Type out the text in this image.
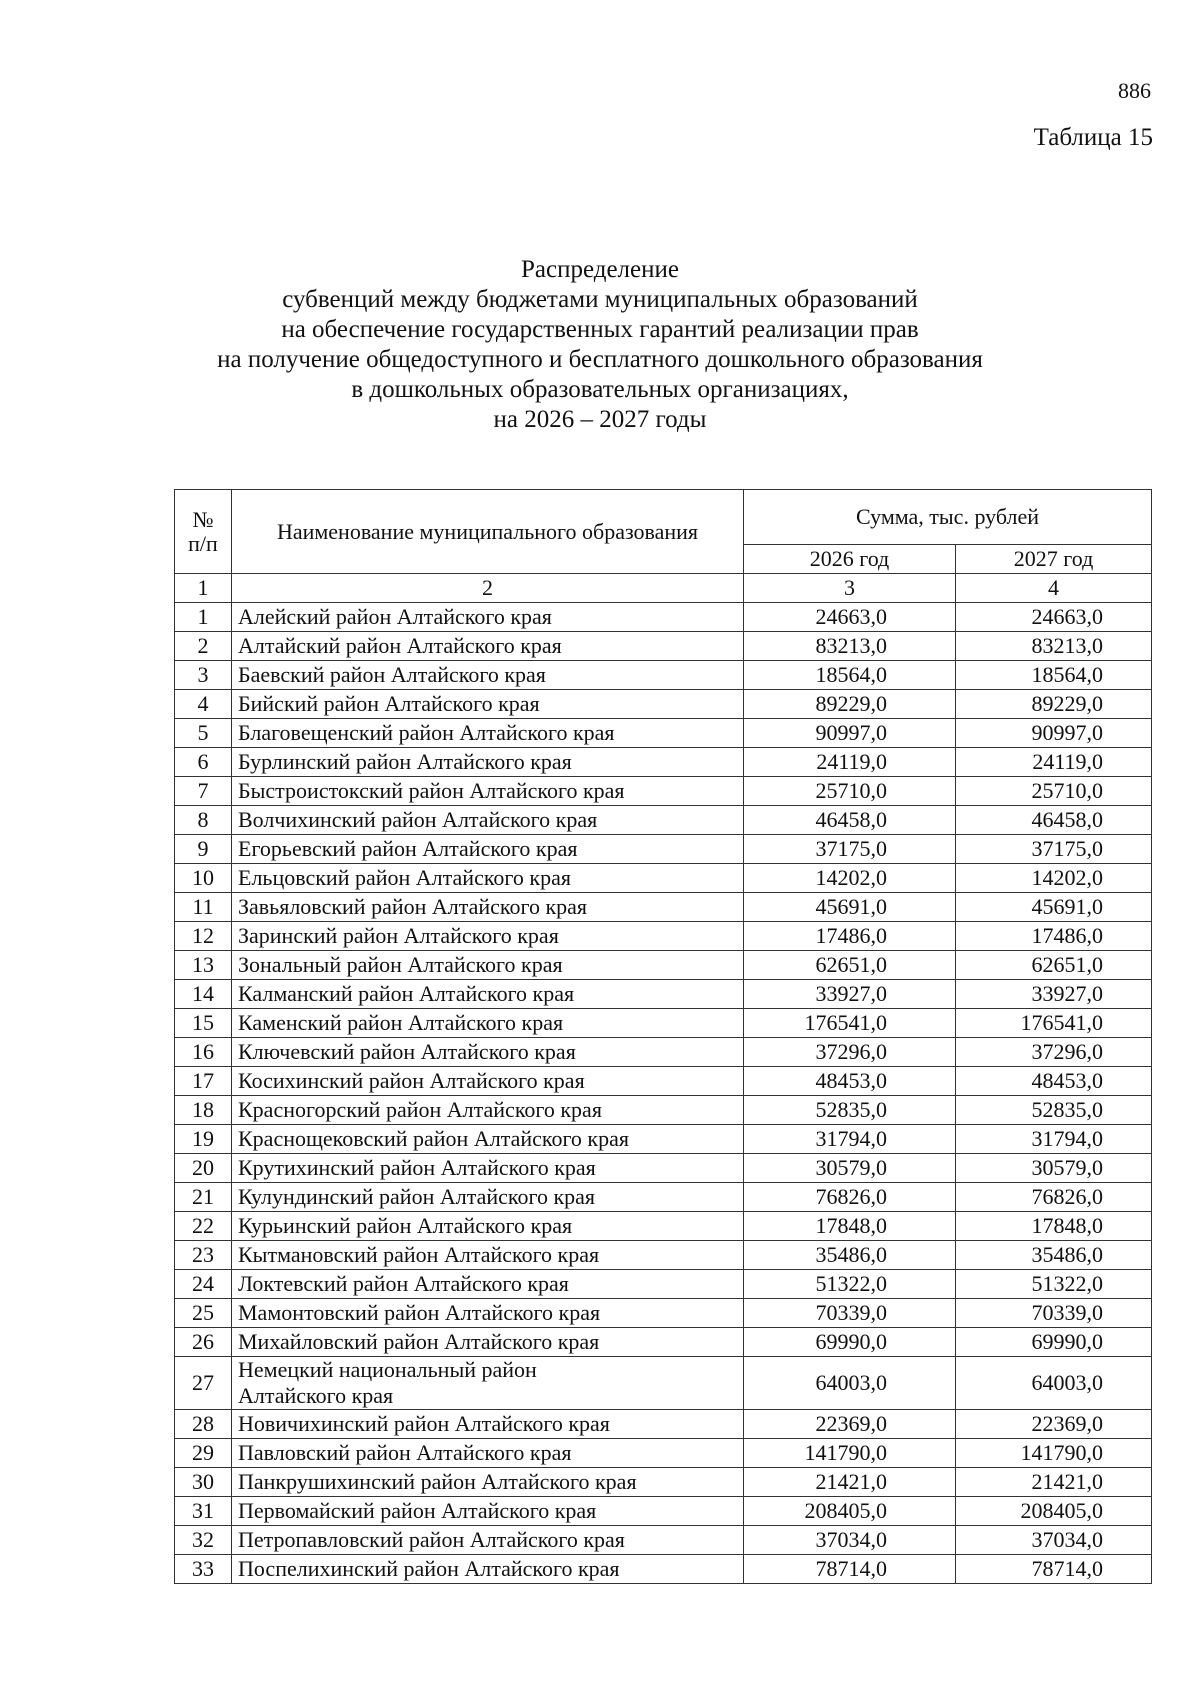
886
Таблица 15
Распределение
субвенций между бюджетами муниципальных образований
на обеспечение государственных гарантий реализации прав
на получение общедоступного и бесплатного дошкольного образования
в дошкольных образовательных организациях,
на 2026 – 2027 годы
№ п/п	Наименование муниципального образования	Сумма, тыс. рублей	
		2026 год	2027 год
1	2	3	4
1	Алейский район Алтайского края	24663,0	24663,0
2	Алтайский район Алтайского края	83213,0	83213,0
3	Баевский район Алтайского края	18564,0	18564,0
4	Бийский район Алтайского края	89229,0	89229,0
5	Благовещенский район Алтайского края	90997,0	90997,0
6	Бурлинский район Алтайского края	24119,0	24119,0
7	Быстроистокский район Алтайского края	25710,0	25710,0
8	Волчихинский район Алтайского края	46458,0	46458,0
9	Егорьевский район Алтайского края	37175,0	37175,0
10	Ельцовский район Алтайского края	14202,0	14202,0
11	Завьяловский район Алтайского края	45691,0	45691,0
12	Заринский район Алтайского края	17486,0	17486,0
13	Зональный район Алтайского края	62651,0	62651,0
14	Калманский район Алтайского края	33927,0	33927,0
15	Каменский район Алтайского края	176541,0	176541,0
16	Ключевский район Алтайского края	37296,0	37296,0
17	Косихинский район Алтайского края	48453,0	48453,0
18	Красногорский район Алтайского края	52835,0	52835,0
19	Краснощековский район Алтайского края	31794,0	31794,0
20	Крутихинский район Алтайского края	30579,0	30579,0
21	Кулундинский район Алтайского края	76826,0	76826,0
22	Курьинский район Алтайского края	17848,0	17848,0
23	Кытмановский район Алтайского края	35486,0	35486,0
24	Локтевский район Алтайского края	51322,0	51322,0
25	Мамонтовский район Алтайского края	70339,0	70339,0
26	Михайловский район Алтайского края	69990,0	69990,0
27	Немецкий национальный район
Алтайского края	64003,0	64003,0
28	Новичихинский район Алтайского края	22369,0	22369,0
29	Павловский район Алтайского края	141790,0	141790,0
30	Панкрушихинский район Алтайского края	21421,0	21421,0
31	Первомайский район Алтайского края	208405,0	208405,0
32	Петропавловский район Алтайского края	37034,0	37034,0
33	Поспелихинский район Алтайского края	78714,0	78714,0
